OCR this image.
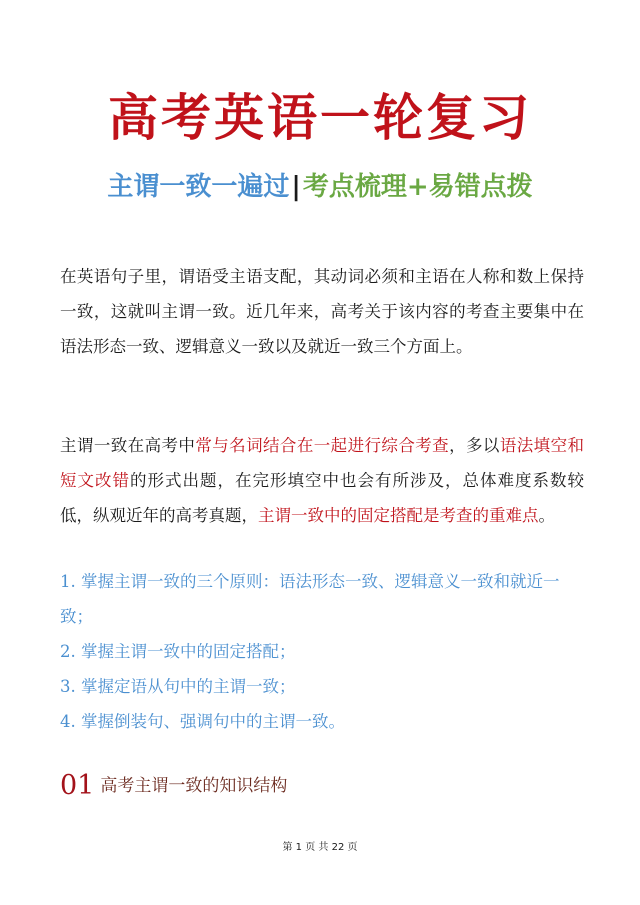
高考英语一轮复习
主谓一致一遍过|考点梳理+易错点拨
在英语句子里，谓语受主语支配，其动词必须和主语在人称和数上保持一致，这就叫主谓一致。近几年来，高考关于该内容的考查主要集中在语法形态一致、逻辑意义一致以及就近一致三个方面上。
主谓一致在高考中常与名词结合在一起进行综合考查，多以语法填空和短文改错的形式出题，在完形填空中也会有所涉及，总体难度系数较低，纵观近年的高考真题，主谓一致中的固定搭配是考查的重难点。
1. 掌握主谓一致的三个原则：语法形态一致、逻辑意义一致和就近一致；
2. 掌握主谓一致中的固定搭配；
3. 掌握定语从句中的主谓一致；
4. 掌握倒装句、强调句中的主谓一致。
01 高考主谓一致的知识结构
第 1 页 共 22 页
